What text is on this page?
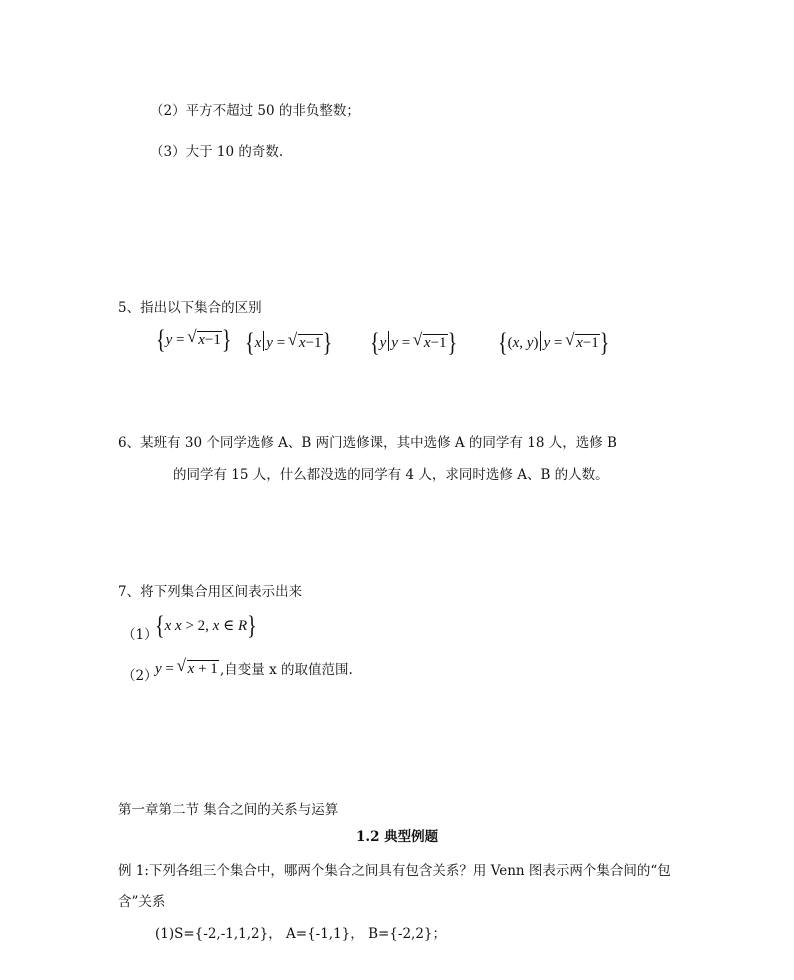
（2）平方不超过 50 的非负整数；
（3）大于 10 的奇数.
5、指出以下集合的区别
{y = √ x−1} {x y = √ x−1} {y y = √ x−1} {(x, y) y = √ x−1}
6、某班有 30 个同学选修 A、B 两门选修课，其中选修 A 的同学有 18 人，选修 B
的同学有 15 人，什么都没选的同学有 4 人，求同时选修 A、B 的人数。
7、将下列集合用区间表示出来
（1）
{x x > 2, x ∈ R}
（2）
y = √ x + 1 ,自变量 x 的取值范围.
第一章第二节 集合之间的关系与运算
1.2 典型例题
例 1:下列各组三个集合中，哪两个集合之间具有包含关系？用 Venn 图表示两个集合间的“包
含”关系
(1)S={-2,-1,1,2}， A={-1,1}， B={-2,2}；
